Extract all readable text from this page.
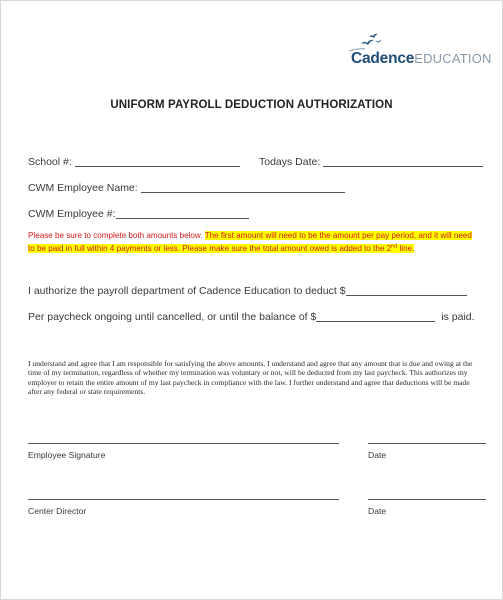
CadenceEDUCATION
UNIFORM PAYROLL DEDUCTION AUTHORIZATION
School #:	Todays Date:
CWM Employee Name:
CWM Employee #:
Please be sure to complete both amounts below. The first amount will need to be the amount per pay period, and it will need to be paid in full within 4 payments or less. Please make sure the total amount owed is added to the 2nd line.
I authorize the payroll department of Cadence Education to deduct $
Per paycheck ongoing until cancelled, or until the balance of $	is paid.
I understand and agree that I am responsible for satisfying the above amounts. I understand and agree that any amount that is due and owing at the time of my termination, regardless of whether my termination was voluntary or not, will be deducted from my last paycheck. This authorizes my employer to retain the entire amount of my last paycheck in compliance with the law. I further understand and agree that deductions will be made after any federal or state requirements.
Employee Signature	Date
Center Director	Date
